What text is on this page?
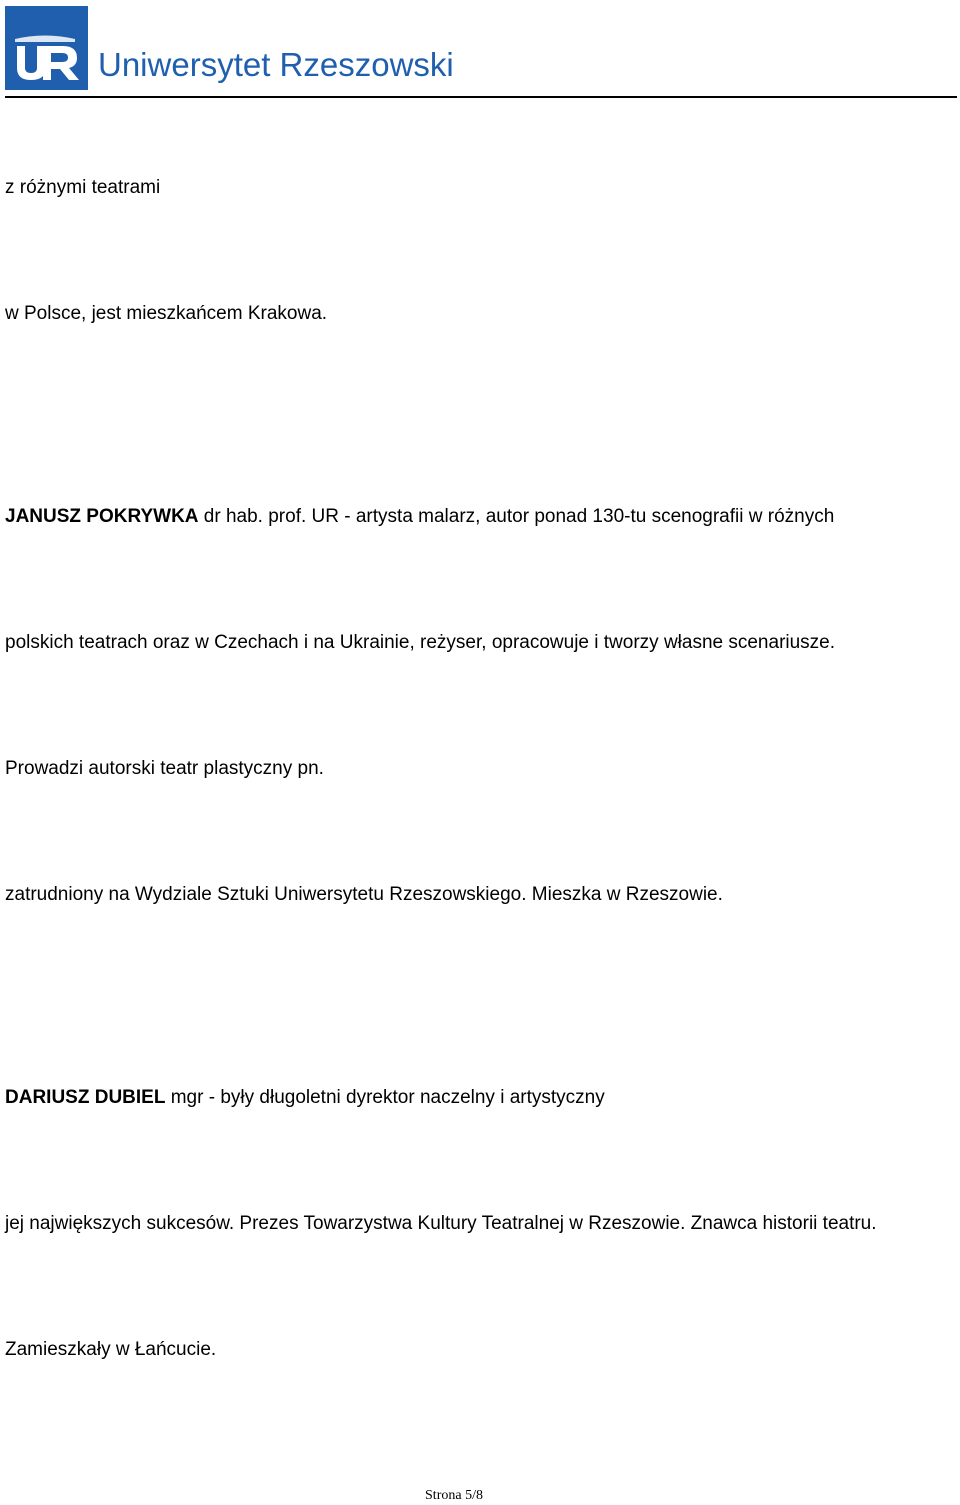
Uniwersytet Rzeszowski
z różnymi teatrami
w Polsce, jest mieszkańcem Krakowa.
JANUSZ POKRYWKA dr hab. prof. UR - artysta malarz, autor ponad 130-tu scenografii w różnych
polskich teatrach oraz w Czechach i na Ukrainie, reżyser, opracowuje i tworzy własne scenariusze.
Prowadzi autorski teatr plastyczny pn.
zatrudniony na Wydziale Sztuki Uniwersytetu Rzeszowskiego. Mieszka w Rzeszowie.
DARIUSZ DUBIEL mgr - były długoletni dyrektor naczelny i artystyczny
jej największych sukcesów. Prezes Towarzystwa Kultury Teatralnej w Rzeszowie. Znawca historii teatru.
Zamieszkały w Łańcucie.
Strona 5/8
